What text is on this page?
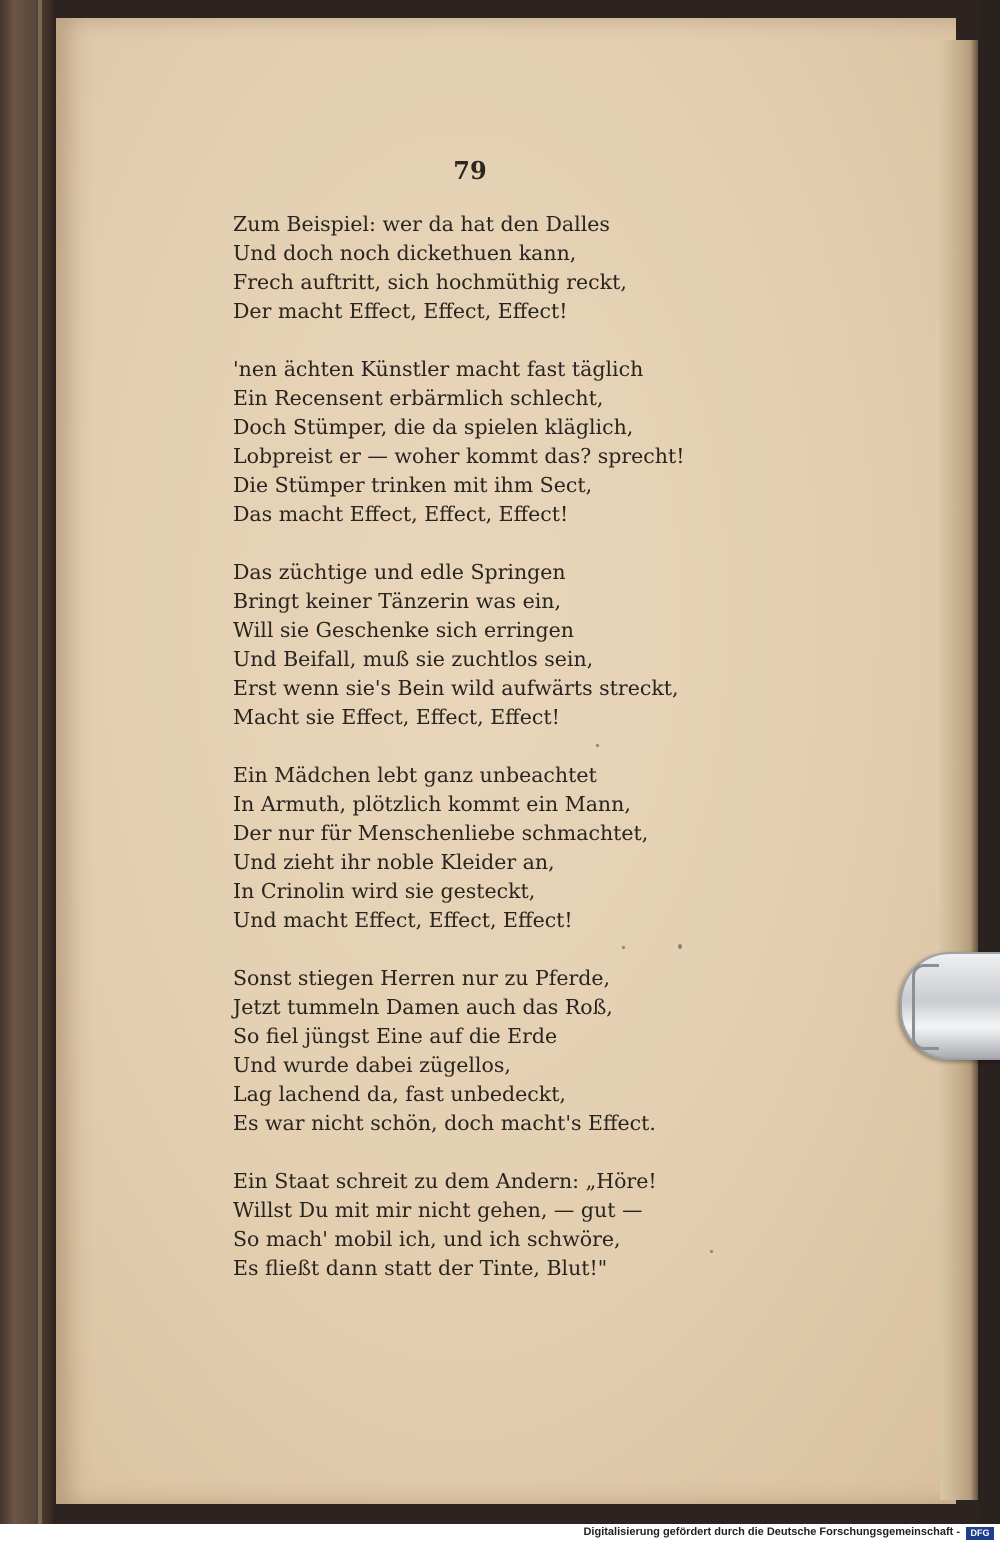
79
Zum Beispiel: wer da hat den Dalles
Und doch noch dickethuen kann,
Frech auftritt, sich hochmüthig reckt,
Der macht Effect, Effect, Effect!
'nen ächten Künstler macht fast täglich
Ein Recensent erbärmlich schlecht,
Doch Stümper, die da spielen kläglich,
Lobpreist er — woher kommt das? sprecht!
Die Stümper trinken mit ihm Sect,
Das macht Effect, Effect, Effect!
Das züchtige und edle Springen
Bringt keiner Tänzerin was ein,
Will sie Geschenke sich erringen
Und Beifall, muß sie zuchtlos sein,
Erst wenn sie's Bein wild aufwärts streckt,
Macht sie Effect, Effect, Effect!
Ein Mädchen lebt ganz unbeachtet
In Armuth, plötzlich kommt ein Mann,
Der nur für Menschenliebe schmachtet,
Und zieht ihr noble Kleider an,
In Crinolin wird sie gesteckt,
Und macht Effect, Effect, Effect!
Sonst stiegen Herren nur zu Pferde,
Jetzt tummeln Damen auch das Roß,
So fiel jüngst Eine auf die Erde
Und wurde dabei zügellos,
Lag lachend da, fast unbedeckt,
Es war nicht schön, doch macht's Effect.
Ein Staat schreit zu dem Andern: „Höre!
Willst Du mit mir nicht gehen, — gut —
So mach' mobil ich, und ich schwöre,
Es fließt dann statt der Tinte, Blut!"
Digitalisierung gefördert durch die Deutsche Forschungsgemeinschaft -	DFG
